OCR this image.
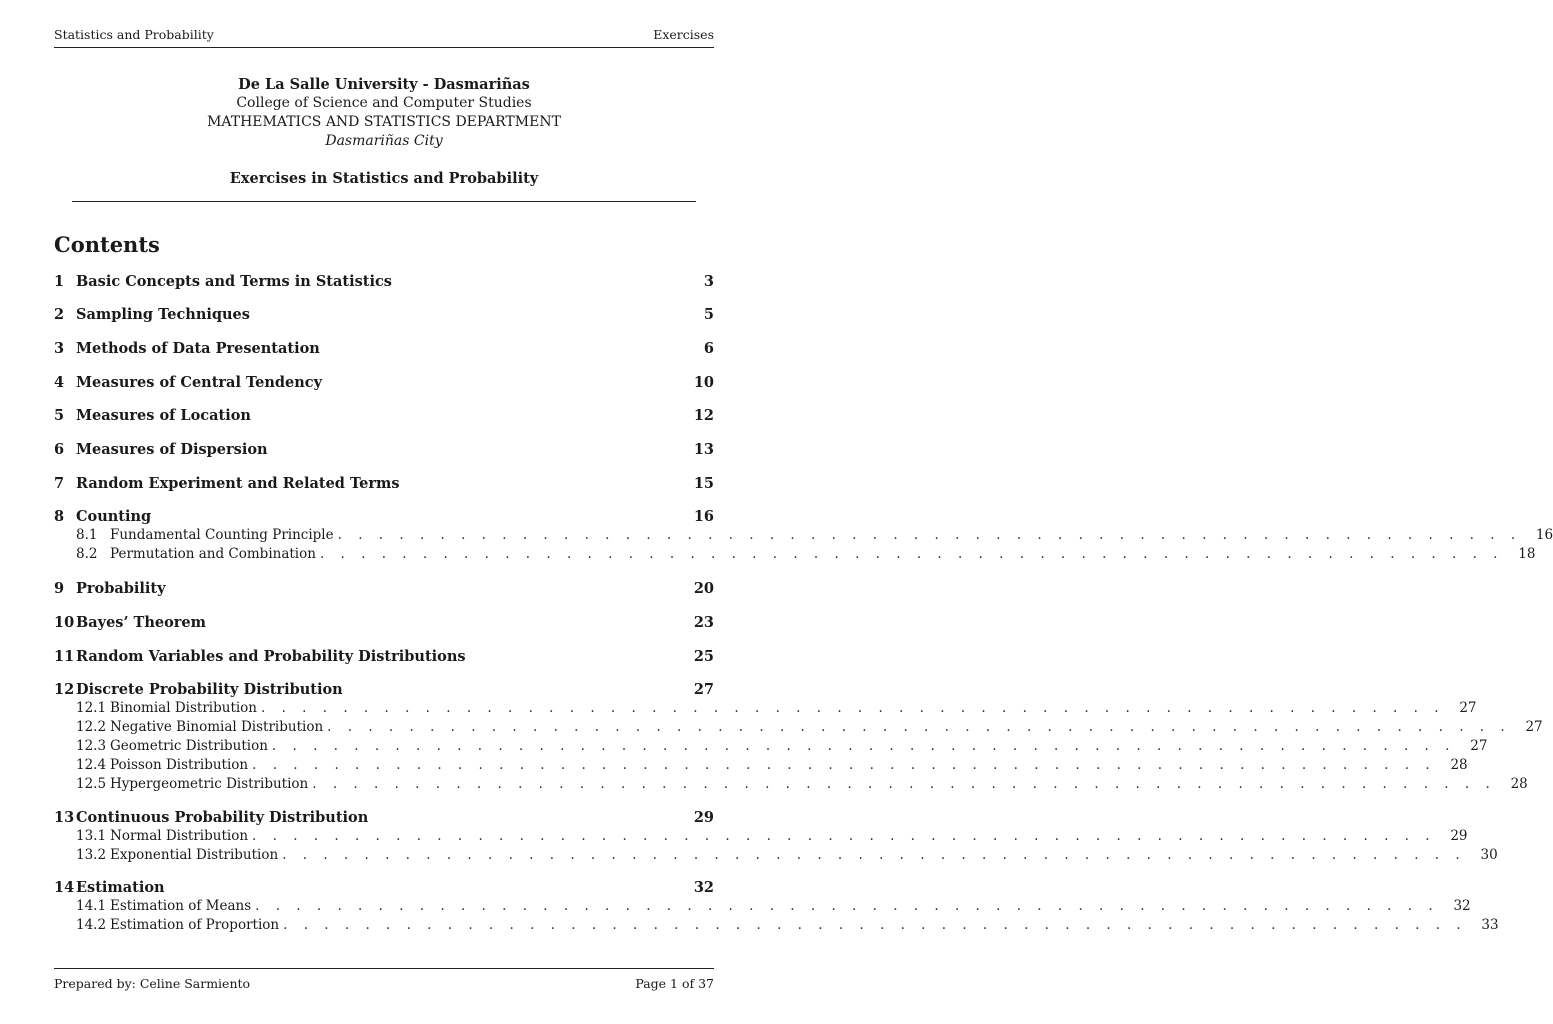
Statistics and Probability	Exercises
De La Salle University - Dasmariñas
College of Science and Computer Studies
MATHEMATICS AND STATISTICS DEPARTMENT
Dasmariñas City
Exercises in Statistics and Probability
Contents
1 Basic Concepts and Terms in Statistics	3
2 Sampling Techniques	5
3 Methods of Data Presentation	6
4 Measures of Central Tendency	10
5 Measures of Location	12
6 Measures of Dispersion	13
7 Random Experiment and Related Terms	15
8 Counting	16
8.1 Fundamental Counting Principle . . . . . . . . . . . . . . . . . . . . . . . . . . . . . . . . . . . . . . . . . . . . . . . . . . . . . . . . . .	16
8.2 Permutation and Combination . . . . . . . . . . . . . . . . . . . . . . . . . . . . . . . . . . . . . . . . . . . . . . . . . . . . . . . . . .	18
9 Probability	20
10 Bayes’ Theorem	23
11 Random Variables and Probability Distributions	25
12 Discrete Probability Distribution	27
12.1 Binomial Distribution . . . . . . . . . . . . . . . . . . . . . . . . . . . . . . . . . . . . . . . . . . . . . . . . . . . . . . . . . .	27
12.2 Negative Binomial Distribution . . . . . . . . . . . . . . . . . . . . . . . . . . . . . . . . . . . . . . . . . . . . . . . . . . . . . . . . . .	27
12.3 Geometric Distribution . . . . . . . . . . . . . . . . . . . . . . . . . . . . . . . . . . . . . . . . . . . . . . . . . . . . . . . . . .	27
12.4 Poisson Distribution . . . . . . . . . . . . . . . . . . . . . . . . . . . . . . . . . . . . . . . . . . . . . . . . . . . . . . . . . .	28
12.5 Hypergeometric Distribution . . . . . . . . . . . . . . . . . . . . . . . . . . . . . . . . . . . . . . . . . . . . . . . . . . . . . . . . . .	28
13 Continuous Probability Distribution	29
13.1 Normal Distribution . . . . . . . . . . . . . . . . . . . . . . . . . . . . . . . . . . . . . . . . . . . . . . . . . . . . . . . . . .	29
13.2 Exponential Distribution . . . . . . . . . . . . . . . . . . . . . . . . . . . . . . . . . . . . . . . . . . . . . . . . . . . . . . . . . .	30
14 Estimation	32
14.1 Estimation of Means . . . . . . . . . . . . . . . . . . . . . . . . . . . . . . . . . . . . . . . . . . . . . . . . . . . . . . . . . .	32
14.2 Estimation of Proportion . . . . . . . . . . . . . . . . . . . . . . . . . . . . . . . . . . . . . . . . . . . . . . . . . . . . . . . . . .	33
Prepared by: Celine Sarmiento	Page 1 of 37
